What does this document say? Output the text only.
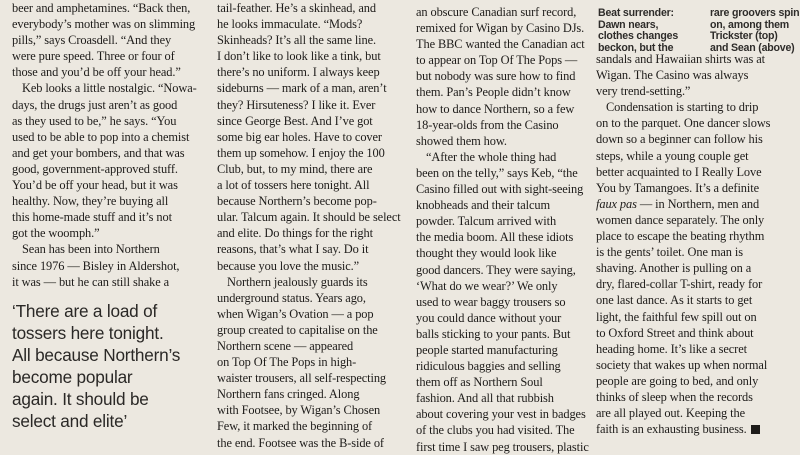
beer and amphetamines. “Back then,
everybody’s mother was on slimming
pills,” says Croasdell. “And they
were pure speed. Three or four of
those and you’d be off your head.”
Keb looks a little nostalgic. “Nowa-
days, the drugs just aren’t as good
as they used to be,” he says. “You
used to be able to pop into a chemist
and get your bombers, and that was
good, government-approved stuff.
You’d be off your head, but it was
healthy. Now, they’re buying all
this home-made stuff and it’s not
got the woomph.”
Sean has been into Northern
since 1976 — Bisley in Aldershot,
it was — but he can still shake a
‘There are a load of
tossers here tonight.
All because Northern’s
become popular
again. It should be
select and elite’
tail-feather. He’s a skinhead, and
he looks immaculate. “Mods?
Skinheads? It’s all the same line.
I don’t like to look like a tink, but
there’s no uniform. I always keep
sideburns — mark of a man, aren’t
they? Hirsuteness? I like it. Ever
since George Best. And I’ve got
some big ear holes. Have to cover
them up somehow. I enjoy the 100
Club, but, to my mind, there are
a lot of tossers here tonight. All
because Northern’s become pop-
ular. Talcum again. It should be select
and elite. Do things for the right
reasons, that’s what I say. Do it
because you love the music.”
Northern jealously guards its
underground status. Years ago,
when Wigan’s Ovation — a pop
group created to capitalise on the
Northern scene — appeared
on Top Of The Pops in high-
waister trousers, all self-respecting
Northern fans cringed. Along
with Footsee, by Wigan’s Chosen
Few, it marked the beginning of
the end. Footsee was the B-side of
an obscure Canadian surf record,
remixed for Wigan by Casino DJs.
The BBC wanted the Canadian act
to appear on Top Of The Pops —
but nobody was sure how to find
them. Pan’s People didn’t know
how to dance Northern, so a few
18-year-olds from the Casino
showed them how.
“After the whole thing had
been on the telly,” says Keb, “the
Casino filled out with sight-seeing
knobheads and their talcum
powder. Talcum arrived with
the media boom. All these idiots
thought they would look like
good dancers. They were saying,
‘What do we wear?’ We only
used to wear baggy trousers so
you could dance without your
balls sticking to your pants. But
people started manufacturing
ridiculous baggies and selling
them off as Northern Soul
fashion. And all that rubbish
about covering your vest in badges
of the clubs you had visited. The
first time I saw peg trousers, plastic
Beat surrender:
Dawn nears,
clothes changes
beckon, but the
rare groovers spin
on, among them
Trickster (top)
and Sean (above)
sandals and Hawaiian shirts was at
Wigan. The Casino was always
very trend-setting.”
Condensation is starting to drip
on to the parquet. One dancer slows
down so a beginner can follow his
steps, while a young couple get
better acquainted to I Really Love
You by Tamangoes. It’s a definite
faux pas — in Northern, men and
women dance separately. The only
place to escape the beating rhythm
is the gents’ toilet. One man is
shaving. Another is pulling on a
dry, flared-collar T-shirt, ready for
one last dance. As it starts to get
light, the faithful few spill out on
to Oxford Street and think about
heading home. It’s like a secret
society that wakes up when normal
people are going to bed, and only
thinks of sleep when the records
are all played out. Keeping the
faith is an exhausting business.
